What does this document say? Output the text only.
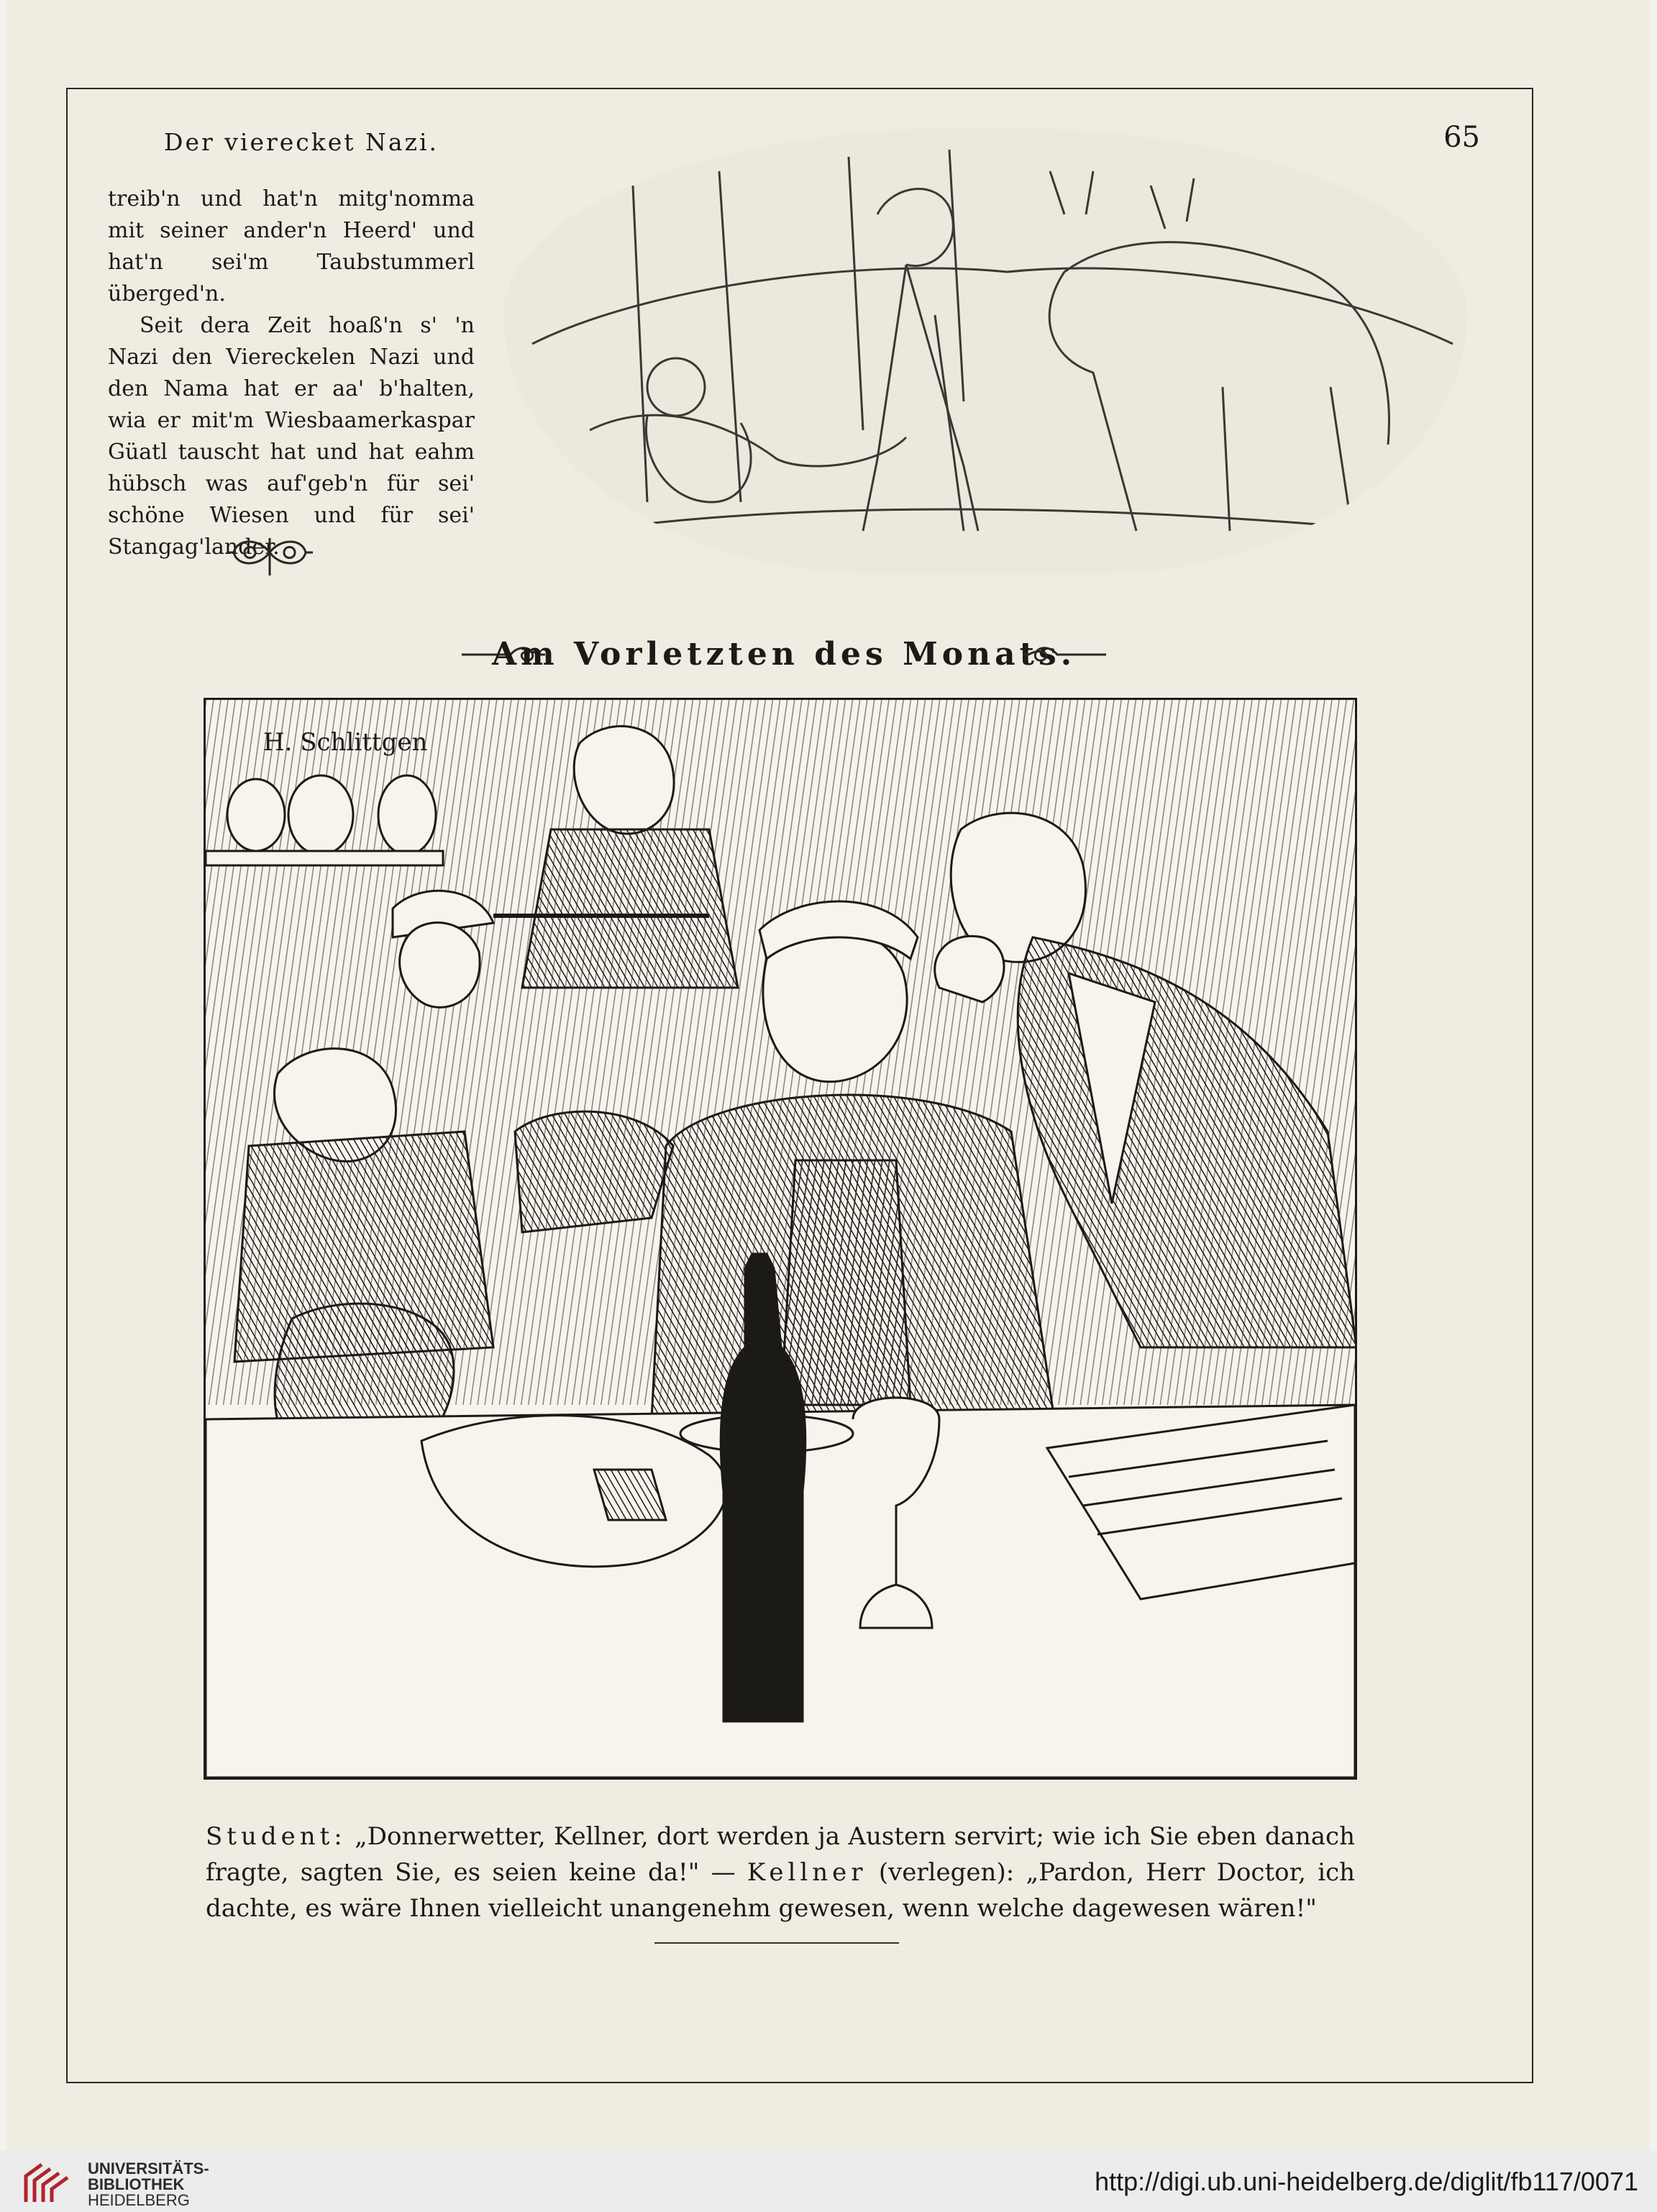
Der vierecket Nazi.	65

treib'n und hat'n mitg'nomma mit seiner ander'n Heerd' und hat'n sei'm Taubstummerl überged'n.

Seit dera Zeit hoaß'n s' 'n Nazi den Viereckelen Nazi und den Nama hat er aa' b'halten, wia er mit'm Wiesbaamerkaspar Güatl tauscht hat und hat eahm hübsch was auf'geb'n für sei' schöne Wiesen und für sei' Stangag'lander.

Am Vorletzten des Monats.
H. Schlittgen
Student: „Donnerwetter, Kellner, dort werden ja Austern servirt; wie ich Sie eben danach fragte, sagten Sie, es seien keine da!" — Kellner (verlegen): „Pardon, Herr Doctor, ich dachte, es wäre Ihnen vielleicht unangenehm gewesen, wenn welche dagewesen wären!"
UNIVERSITÄTS-
BIBLIOTHEK
HEIDELBERG
http://digi.ub.uni-heidelberg.de/diglit/fb117/0071
